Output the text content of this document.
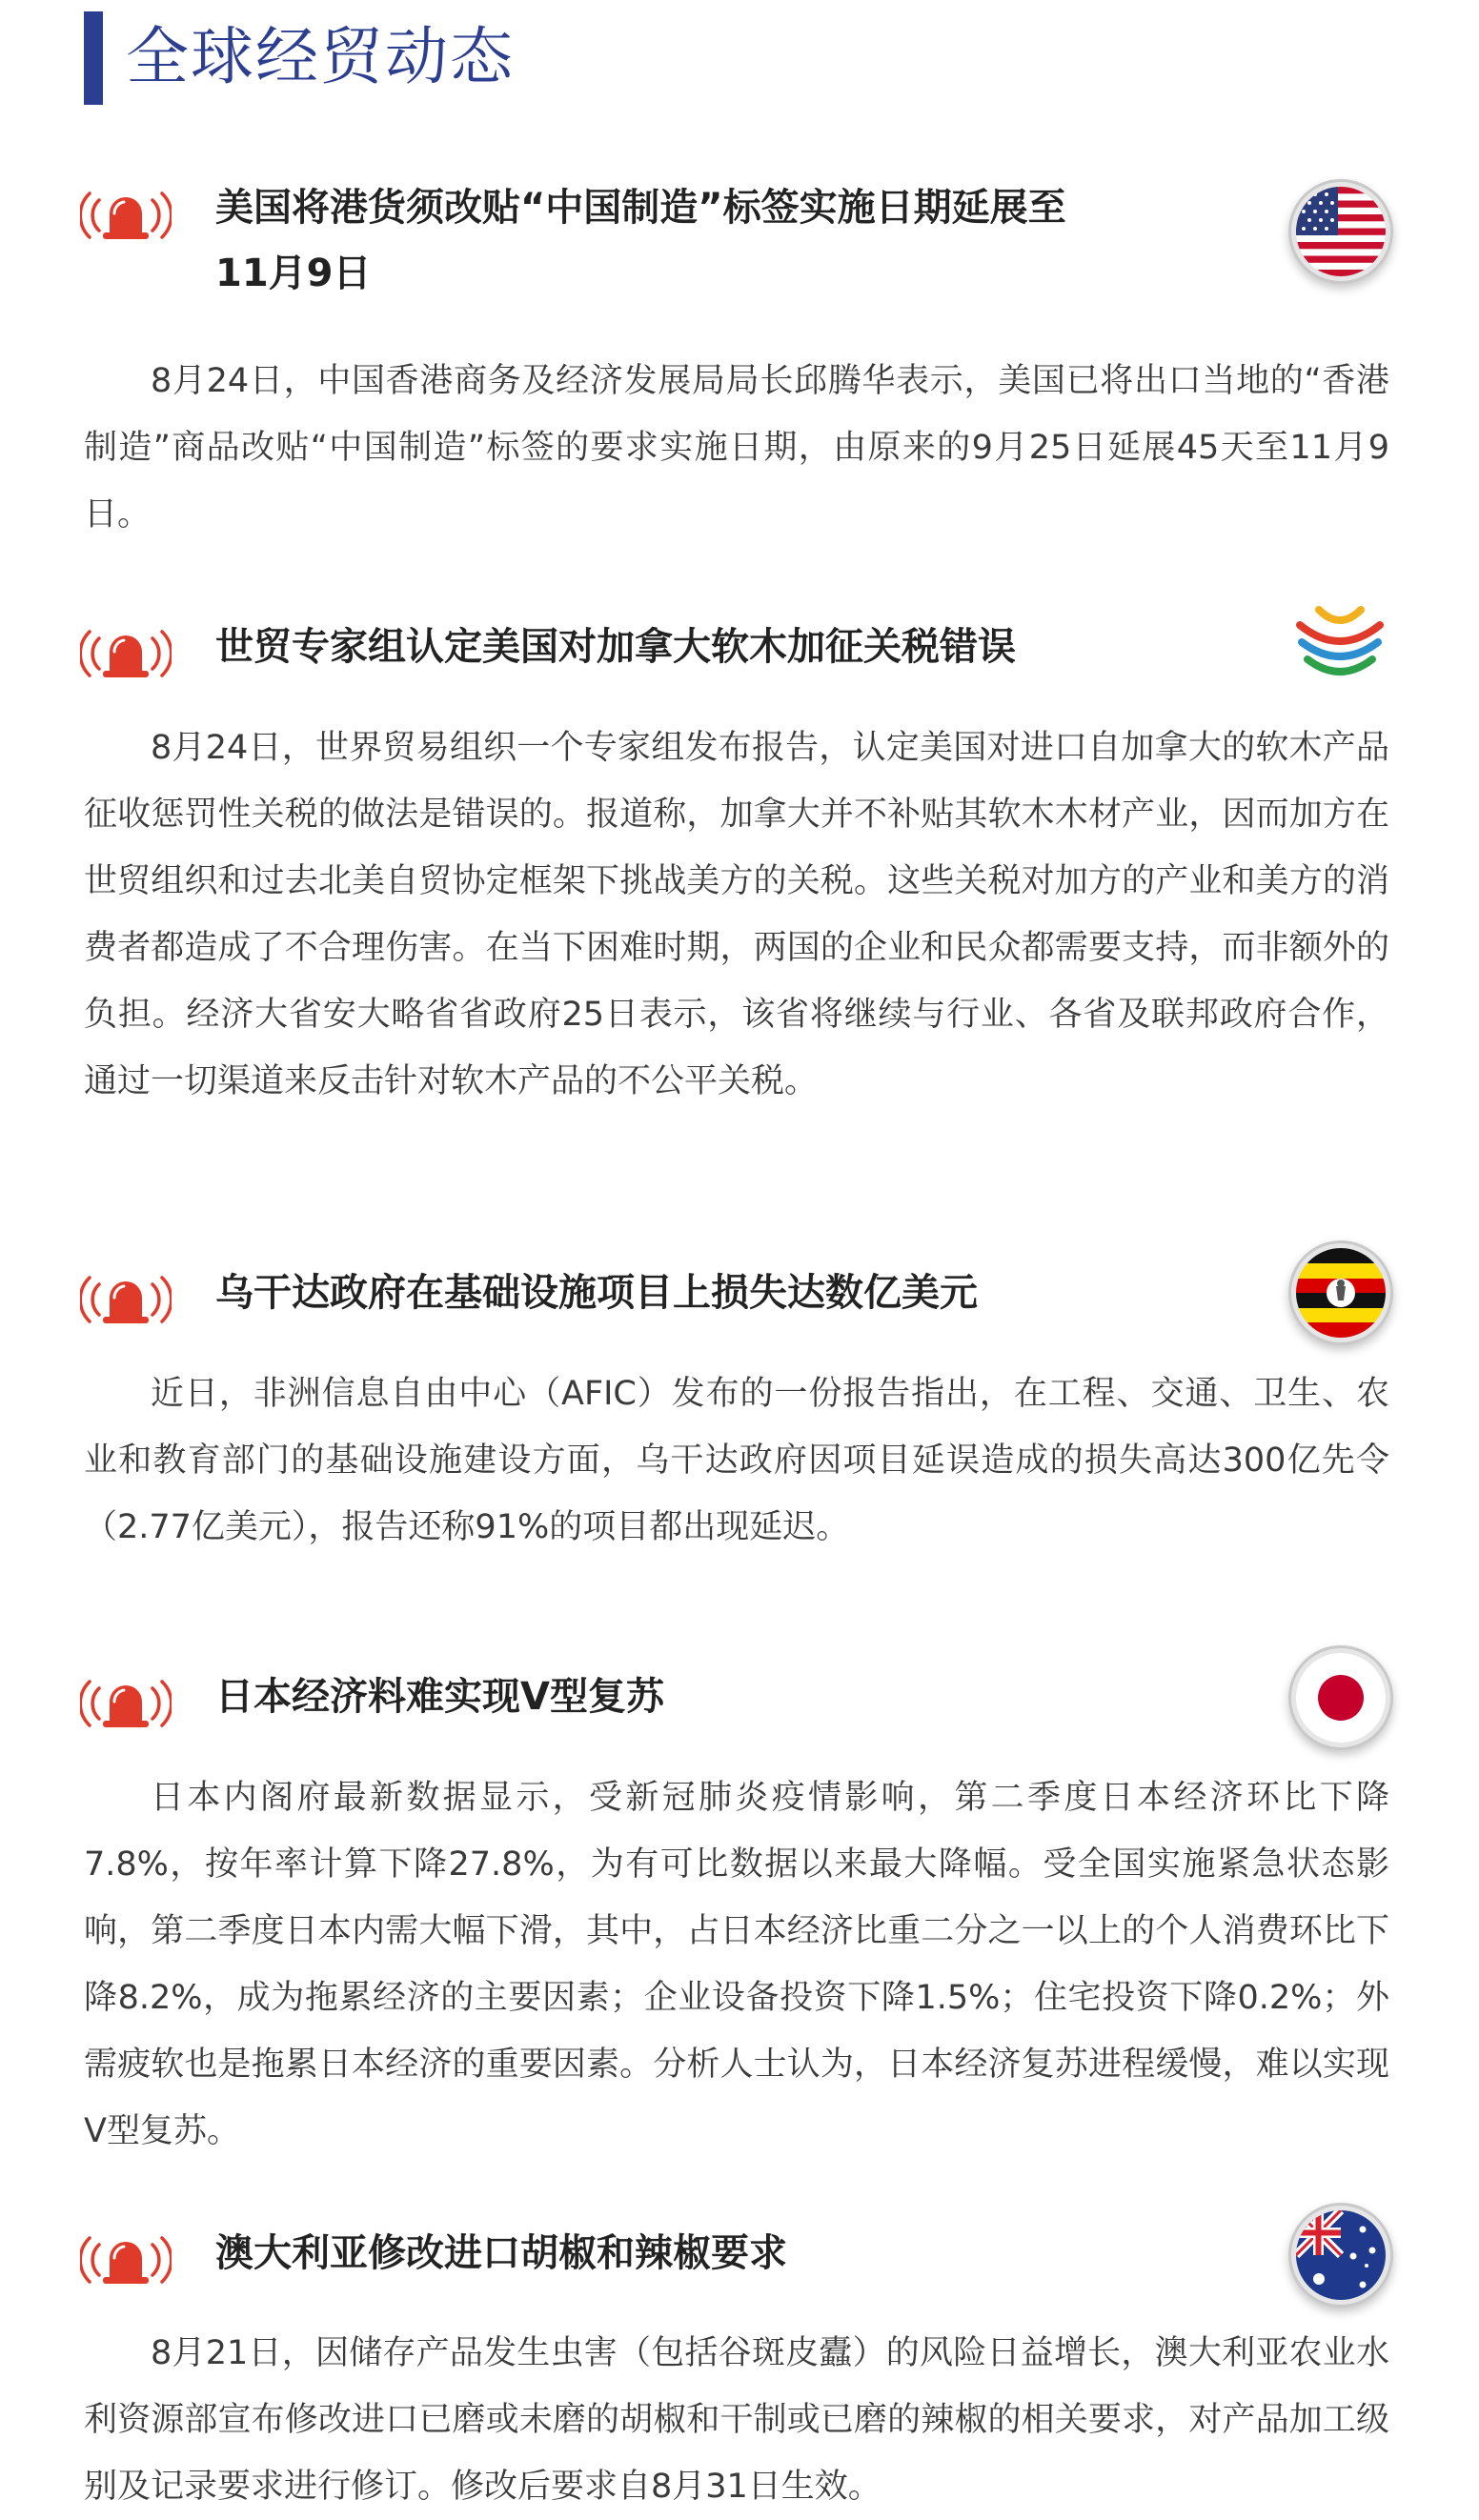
全球经贸动态
美国将港货须改贴“中国制造”标签实施日期延展至
11月9日

8月24日，中国香港商务及经济发展局局长邱腾华表示，美国已将出口当地的“香港制造”商品改贴“中国制造”标签的要求实施日期，由原来的9月25日延展45天至11月9日。

世贸专家组认定美国对加拿大软木加征关税错误

8月24日，世界贸易组织一个专家组发布报告，认定美国对进口自加拿大的软木产品征收惩罚性关税的做法是错误的。报道称，加拿大并不补贴其软木木材产业，因而加方在世贸组织和过去北美自贸协定框架下挑战美方的关税。这些关税对加方的产业和美方的消费者都造成了不合理伤害。在当下困难时期，两国的企业和民众都需要支持，而非额外的负担。经济大省安大略省省政府25日表示，该省将继续与行业、各省及联邦政府合作，通过一切渠道来反击针对软木产品的不公平关税。

乌干达政府在基础设施项目上损失达数亿美元

近日，非洲信息自由中心（AFIC）发布的一份报告指出，在工程、交通、卫生、农业和教育部门的基础设施建设方面，乌干达政府因项目延误造成的损失高达300亿先令（2.77亿美元），报告还称91%的项目都出现延迟。

日本经济料难实现V型复苏

日本内阁府最新数据显示，受新冠肺炎疫情影响，第二季度日本经济环比下降7.8%，按年率计算下降27.8%，为有可比数据以来最大降幅。受全国实施紧急状态影响，第二季度日本内需大幅下滑，其中，占日本经济比重二分之一以上的个人消费环比下降8.2%，成为拖累经济的主要因素；企业设备投资下降1.5%；住宅投资下降0.2%；外需疲软也是拖累日本经济的重要因素。分析人士认为，日本经济复苏进程缓慢，难以实现V型复苏。

澳大利亚修改进口胡椒和辣椒要求

8月21日，因储存产品发生虫害（包括谷斑皮蠹）的风险日益增长，澳大利亚农业水利资源部宣布修改进口已磨或未磨的胡椒和干制或已磨的辣椒的相关要求，对产品加工级别及记录要求进行修订。修改后要求自8月31日生效。
